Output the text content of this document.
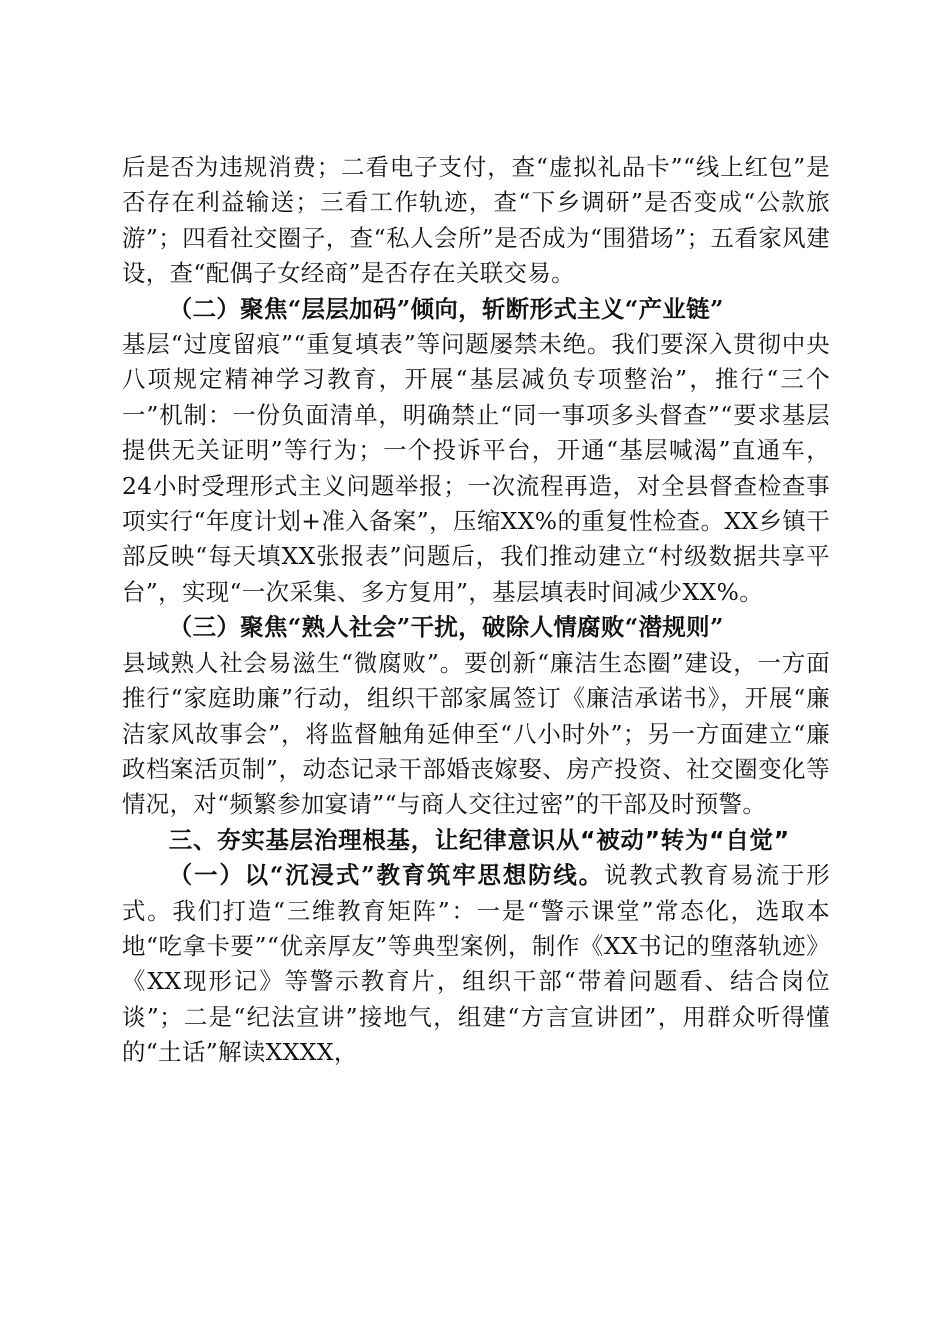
后是否为违规消费；二看电子支付，查“虚拟礼品卡”“线上红包”是否存在利益输送；三看工作轨迹，查“下乡调研”是否变成“公款旅游”；四看社交圈子，查“私人会所”是否成为“围猎场”；五看家风建设，查“配偶子女经商”是否存在关联交易。

（二）聚焦“层层加码”倾向，斩断形式主义“产业链”

基层“过度留痕”“重复填表”等问题屡禁未绝。我们要深入贯彻中央八项规定精神学习教育，开展“基层减负专项整治”，推行“三个一”机制：一份负面清单，明确禁止“同一事项多头督查”“要求基层提供无关证明”等行为；一个投诉平台，开通“基层喊渴”直通车，24小时受理形式主义问题举报；一次流程再造，对全县督查检查事项实行“年度计划+准入备案”，压缩XX%的重复性检查。XX乡镇干部反映“每天填XX张报表”问题后，我们推动建立“村级数据共享平台”，实现“一次采集、多方复用”，基层填表时间减少XX%。

（三）聚焦“熟人社会”干扰，破除人情腐败“潜规则”

县域熟人社会易滋生“微腐败”。要创新“廉洁生态圈”建设，一方面推行“家庭助廉”行动，组织干部家属签订《廉洁承诺书》，开展“廉洁家风故事会”，将监督触角延伸至“八小时外”；另一方面建立“廉政档案活页制”，动态记录干部婚丧嫁娶、房产投资、社交圈变化等情况，对“频繁参加宴请”“与商人交往过密”的干部及时预警。

三、夯实基层治理根基，让纪律意识从“被动”转为“自觉”

（一）以“沉浸式”教育筑牢思想防线。说教式教育易流于形式。我们打造“三维教育矩阵”：一是“警示课堂”常态化，选取本地“吃拿卡要”“优亲厚友”等典型案例，制作《XX书记的堕落轨迹》《XX现形记》等警示教育片，组织干部“带着问题看、结合岗位谈”；二是“纪法宣讲”接地气，组建“方言宣讲团”，用群众听得懂的“土话”解读XXXX，
